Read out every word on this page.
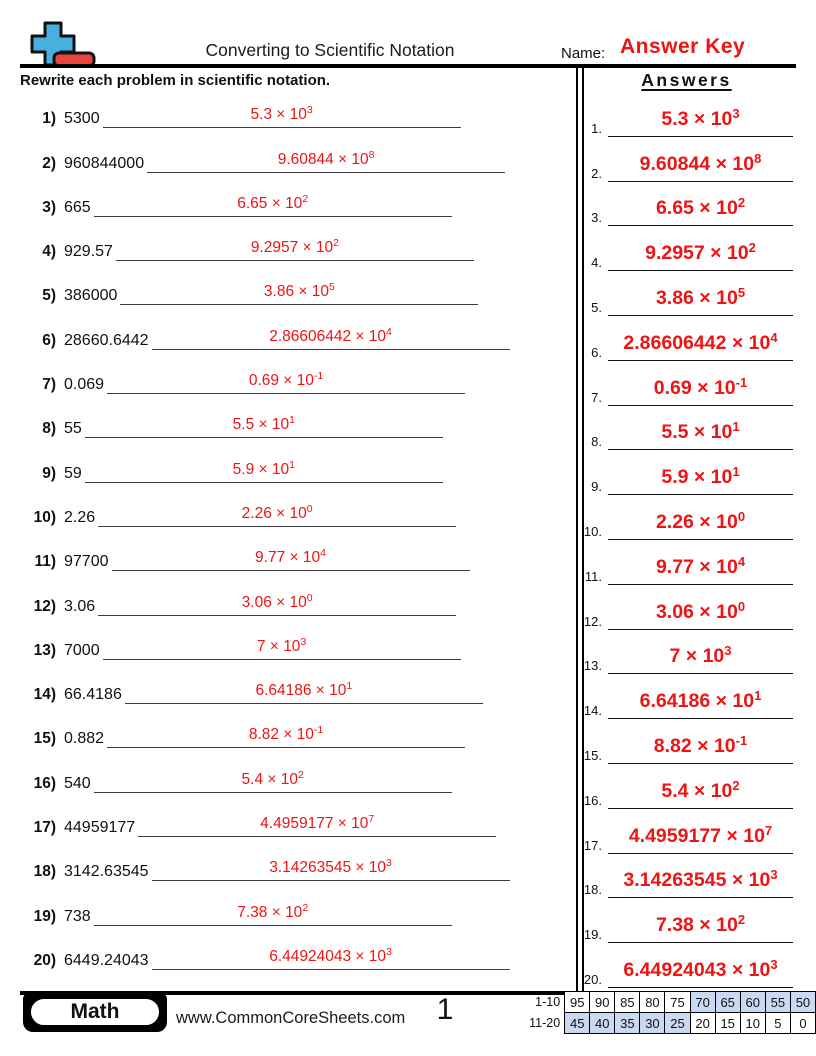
Converting to Scientific Notation	Name: Answer Key
Rewrite each problem in scientific notation.
1) 5300	$5.3 \times 10^3$
2) 960844000	$9.60844 \times 10^8$
3) 665	$6.65 \times 10^2$
4) 929.57	$9.2957 \times 10^2$
5) 386000	$3.86 \times 10^5$
6) 28660.6442	$2.86606442 \times 10^4$
7) 0.069	$0.69 \times 10^{-1}$
8) 55	$5.5 \times 10^1$
9) 59	$5.9 \times 10^1$
10) 2.26	$2.26 \times 10^0$
11) 97700	$9.77 \times 10^4$
12) 3.06	$3.06 \times 10^0$
13) 7000	$7 \times 10^3$
14) 66.4186	$6.64186 \times 10^1$
15) 0.882	$8.82 \times 10^{-1}$
16) 540	$5.4 \times 10^2$
17) 44959177	$4.4959177 \times 10^7$
18) 3142.63545	$3.14263545 \times 10^3$
19) 738	$7.38 \times 10^2$
20) 6449.24043	$6.44924043 \times 10^3$
Answers
1.	$5.3 \times 10^3$
2.	$9.60844 \times 10^8$
3.	$6.65 \times 10^2$
4.	$9.2957 \times 10^2$
5.	$3.86 \times 10^5$
6.	$2.86606442 \times 10^4$
7.	$0.69 \times 10^{-1}$
8.	$5.5 \times 10^1$
9.	$5.9 \times 10^1$
10.	$2.26 \times 10^0$
11.	$9.77 \times 10^4$
12.	$3.06 \times 10^0$
13.	$7 \times 10^3$
14.	$6.64186 \times 10^1$
15.	$8.82 \times 10^{-1}$
16.	$5.4 \times 10^2$
17.	$4.4959177 \times 10^7$
18.	$3.14263545 \times 10^3$
19.	$7.38 \times 10^2$
20.	$6.44924043 \times 10^3$
Math	www.CommonCoreSheets.com	1	1-10	95	90	85	80	75	70	65	60	55	50
11-20	45	40	35	30	25	20	15	10	5	0
